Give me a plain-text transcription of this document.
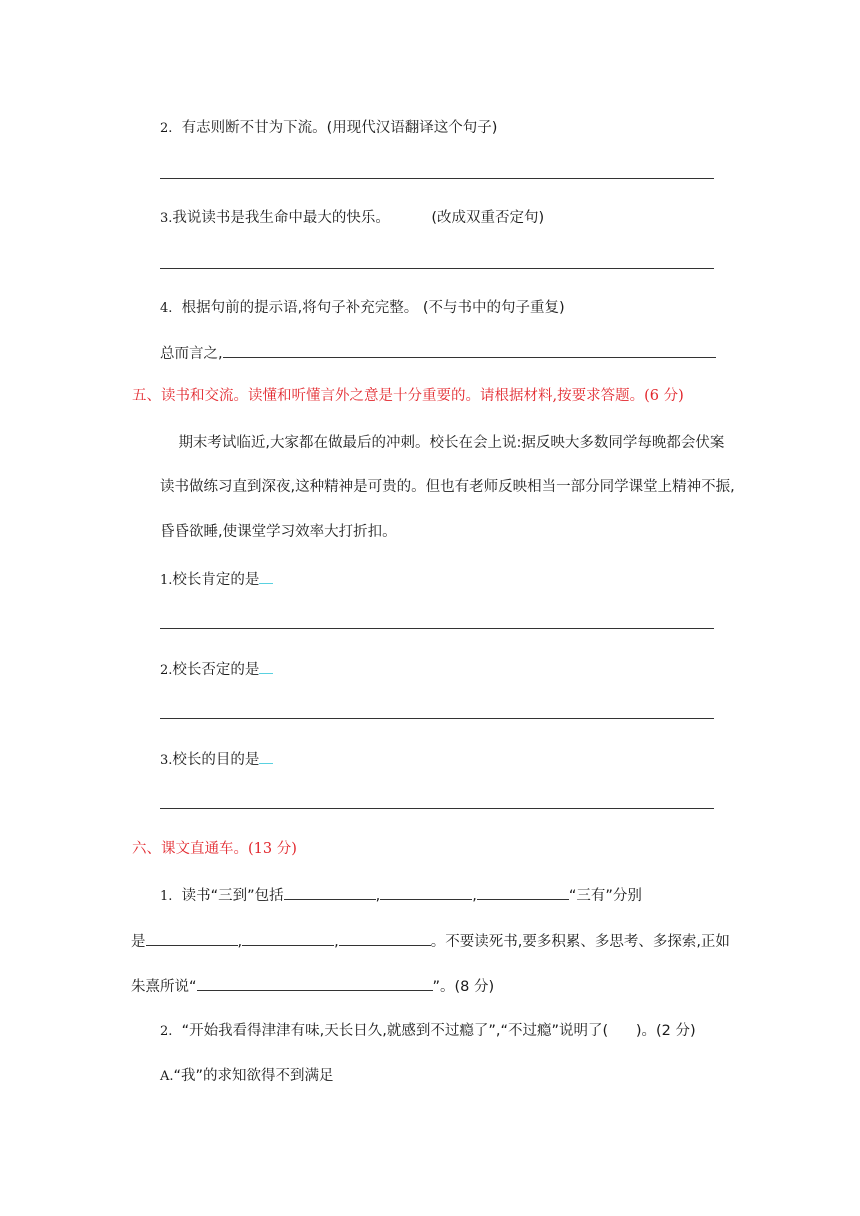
2. 有志则断不甘为下流。(用现代汉语翻译这个句子)
3.我说读书是我生命中最大的快乐。	(改成双重否定句)
4. 根据句前的提示语,将句子补充完整。 (不与书中的句子重复)
总而言之,
五、读书和交流。读懂和听懂言外之意是十分重要的。请根据材料,按要求答题。(6 分)
期末考试临近,大家都在做最后的冲刺。校长在会上说:据反映大多数同学每晚都会伏案
读书做练习直到深夜,这种精神是可贵的。但也有老师反映相当一部分同学课堂上精神不振,
昏昏欲睡,使课堂学习效率大打折扣。
1.校长肯定的是
2.校长否定的是
3.校长的目的是
六、课文直通车。(13 分)
1. 读书“三到”包括	,	,	“三有”分别
是	,	,	。不要读死书,要多积累、多思考、多探索,正如
朱熹所说“	”。(8 分)
2. “开始我看得津津有味,天长日久,就感到不过瘾了”,“不过瘾”说明了( )。(2 分)
A.“我”的求知欲得不到满足
